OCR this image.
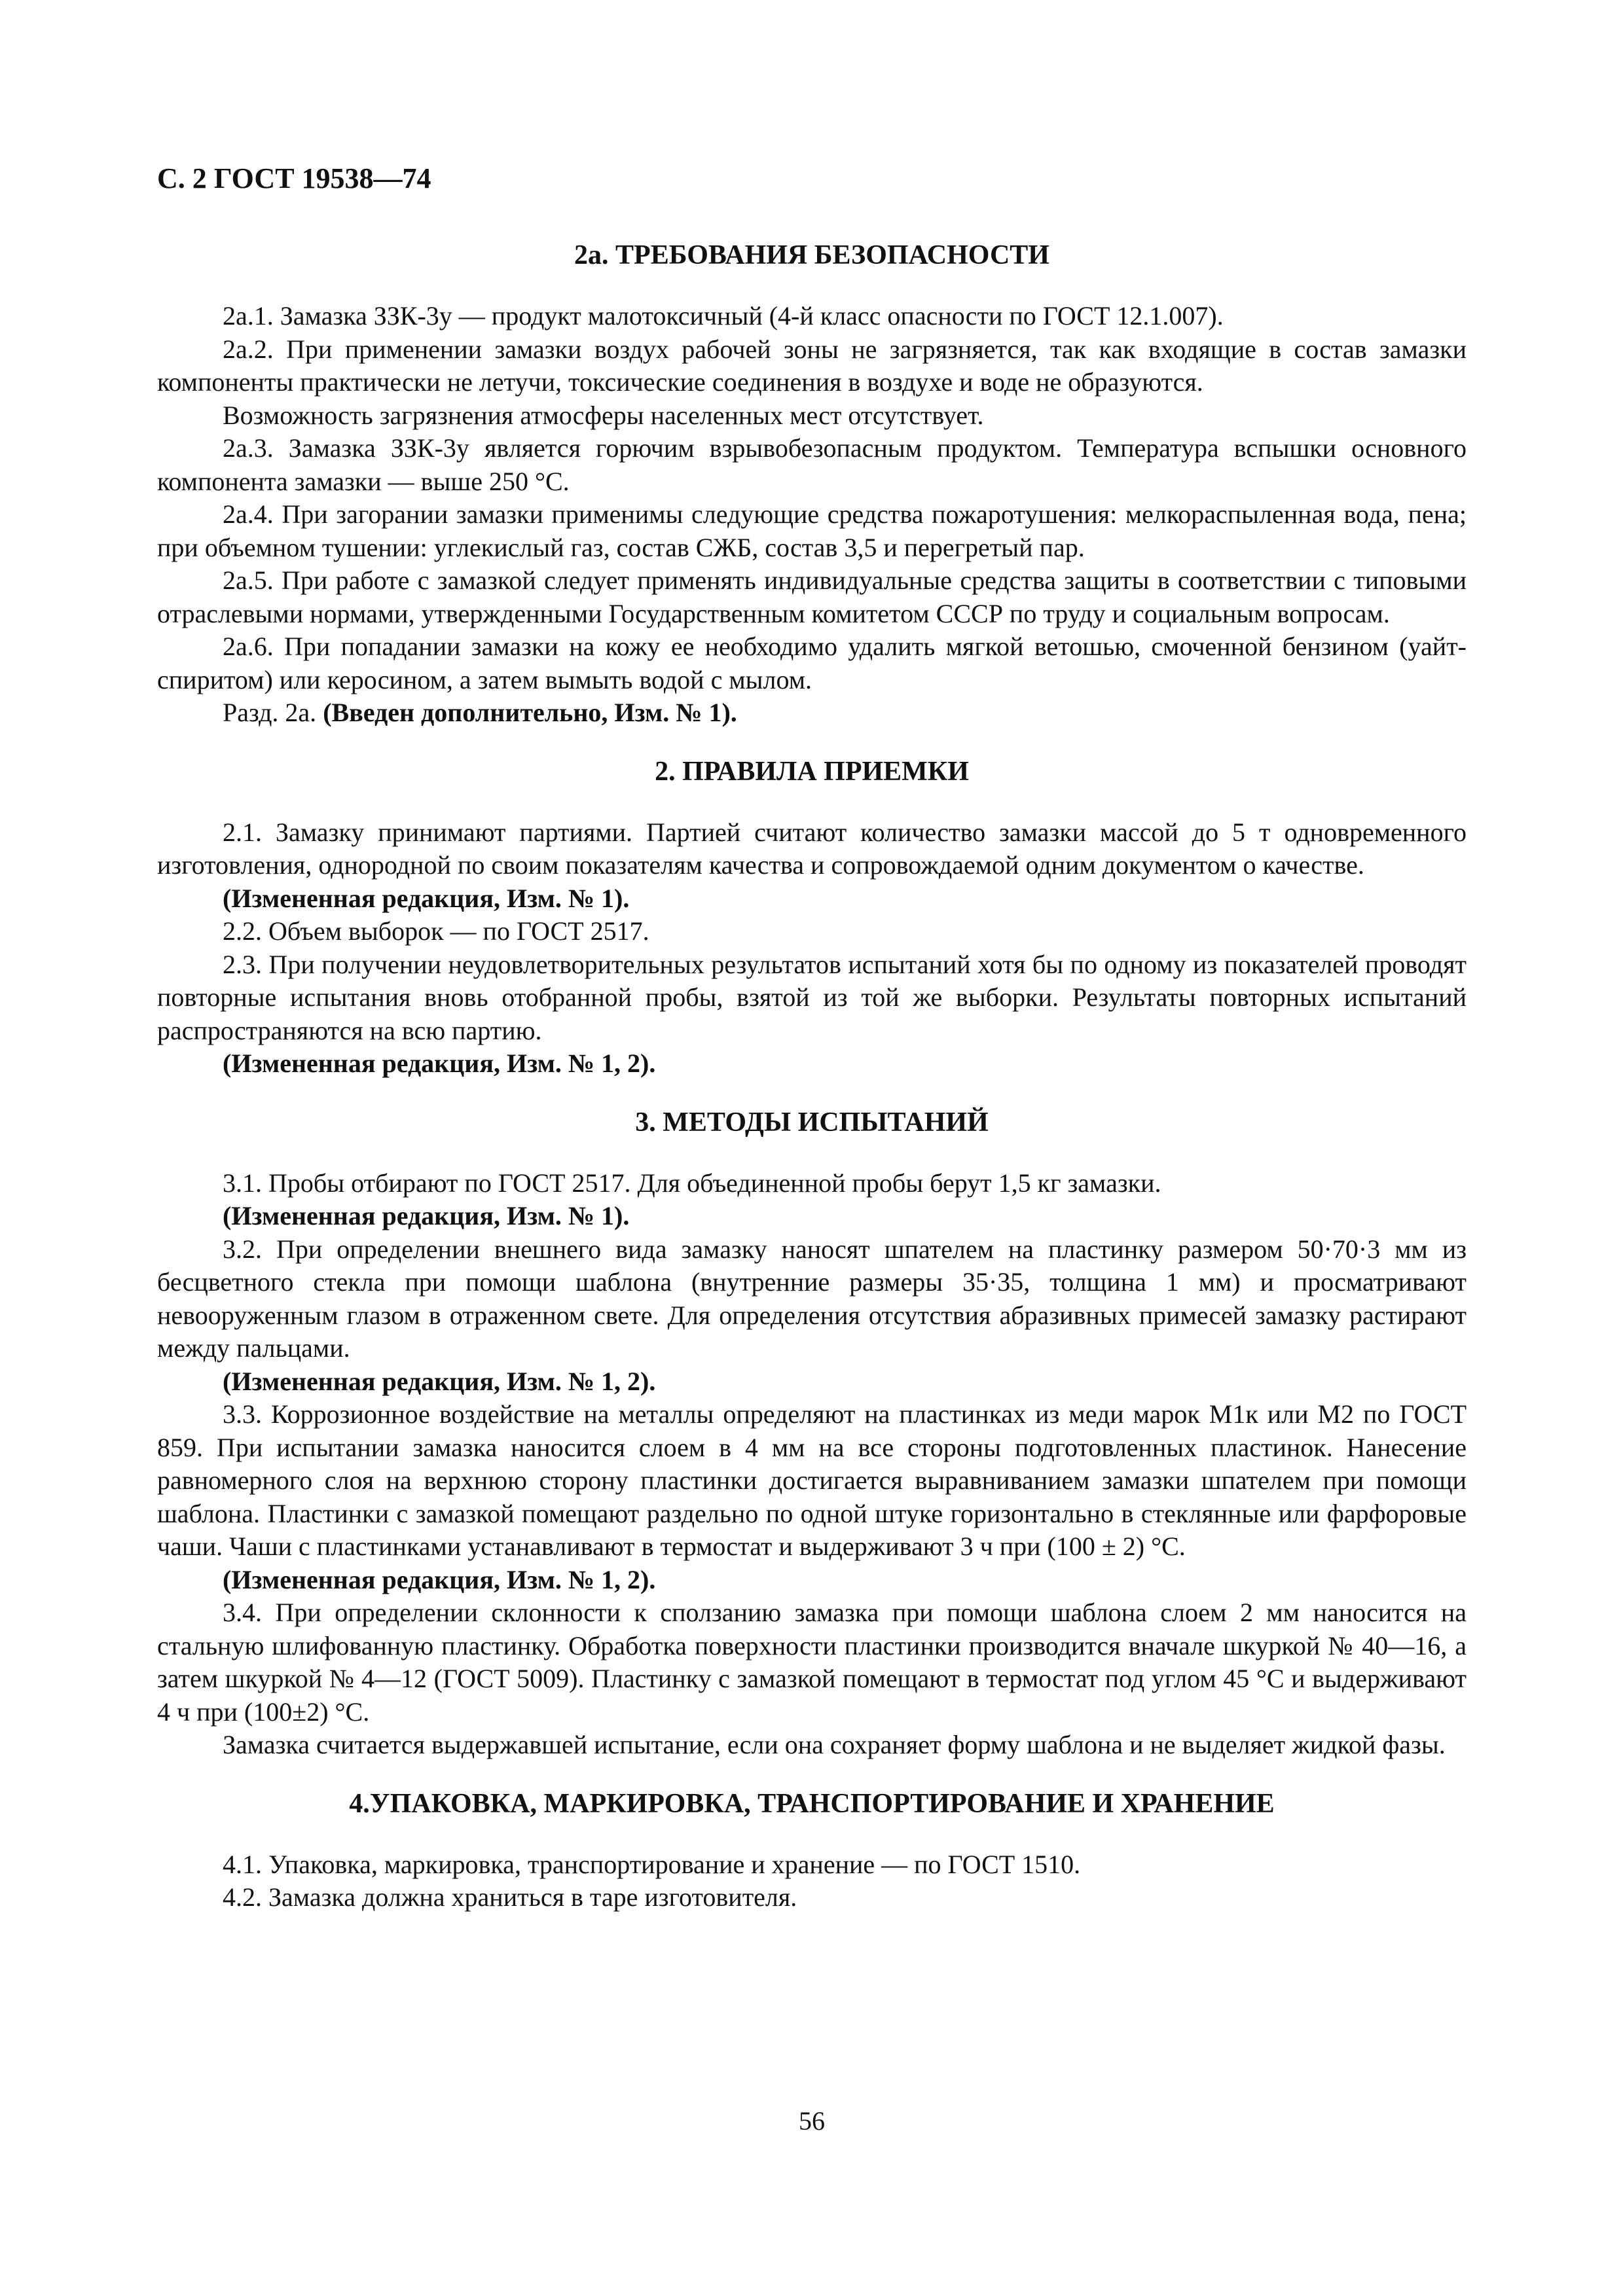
С. 2 ГОСТ 19538—74
2а. ТРЕБОВАНИЯ БЕЗОПАСНОСТИ

2а.1. Замазка ЗЗК-3у — продукт малотоксичный (4-й класс опасности по ГОСТ 12.1.007).

2а.2. При применении замазки воздух рабочей зоны не загрязняется, так как входящие в состав замазки компоненты практически не летучи, токсические соединения в воздухе и воде не образуются.

Возможность загрязнения атмосферы населенных мест отсутствует.

2а.3. Замазка ЗЗК-3у является горючим взрывобезопасным продуктом. Температура вспышки основного компонента замазки — выше 250 °С.

2а.4. При загорании замазки применимы следующие средства пожаротушения: мелкораспыленная вода, пена; при объемном тушении: углекислый газ, состав СЖБ, состав 3,5 и перегретый пар.

2а.5. При работе с замазкой следует применять индивидуальные средства защиты в соответствии с типовыми отраслевыми нормами, утвержденными Государственным комитетом СССР по труду и социальным вопросам.

2а.6. При попадании замазки на кожу ее необходимо удалить мягкой ветошью, смоченной бензином (уайт-спиритом) или керосином, а затем вымыть водой с мылом.

Разд. 2а. (Введен дополнительно, Изм. № 1).

2. ПРАВИЛА ПРИЕМКИ

2.1. Замазку принимают партиями. Партией считают количество замазки массой до 5 т одновременного изготовления, однородной по своим показателям качества и сопровождаемой одним документом о качестве.

(Измененная редакция, Изм. № 1).

2.2. Объем выборок — по ГОСТ 2517.

2.3. При получении неудовлетворительных результатов испытаний хотя бы по одному из показателей проводят повторные испытания вновь отобранной пробы, взятой из той же выборки. Результаты повторных испытаний распространяются на всю партию.

(Измененная редакция, Изм. № 1, 2).

3. МЕТОДЫ ИСПЫТАНИЙ

3.1. Пробы отбирают по ГОСТ 2517. Для объединенной пробы берут 1,5 кг замазки.

(Измененная редакция, Изм. № 1).

3.2. При определении внешнего вида замазку наносят шпателем на пластинку размером 50·70·3 мм из бесцветного стекла при помощи шаблона (внутренние размеры 35·35, толщина 1 мм) и просматривают невооруженным глазом в отраженном свете. Для определения отсутствия абразивных примесей замазку растирают между пальцами.

(Измененная редакция, Изм. № 1, 2).

3.3. Коррозионное воздействие на металлы определяют на пластинках из меди марок М1к или М2 по ГОСТ 859. При испытании замазка наносится слоем в 4 мм на все стороны подготовленных пластинок. Нанесение равномерного слоя на верхнюю сторону пластинки достигается выравниванием замазки шпателем при помощи шаблона. Пластинки с замазкой помещают раздельно по одной штуке горизонтально в стеклянные или фарфоровые чаши. Чаши с пластинками устанавливают в термостат и выдерживают 3 ч при (100 ± 2) °С.

(Измененная редакция, Изм. № 1, 2).

3.4. При определении склонности к сползанию замазка при помощи шаблона слоем 2 мм наносится на стальную шлифованную пластинку. Обработка поверхности пластинки производится вначале шкуркой № 40—16, а затем шкуркой № 4—12 (ГОСТ 5009). Пластинку с замазкой помещают в термостат под углом 45 °С и выдерживают 4 ч при (100±2) °С.

Замазка считается выдержавшей испытание, если она сохраняет форму шаблона и не выделяет жидкой фазы.

4.УПАКОВКА, МАРКИРОВКА, ТРАНСПОРТИРОВАНИЕ И ХРАНЕНИЕ

4.1. Упаковка, маркировка, транспортирование и хранение — по ГОСТ 1510.

4.2. Замазка должна храниться в таре изготовителя.

56
